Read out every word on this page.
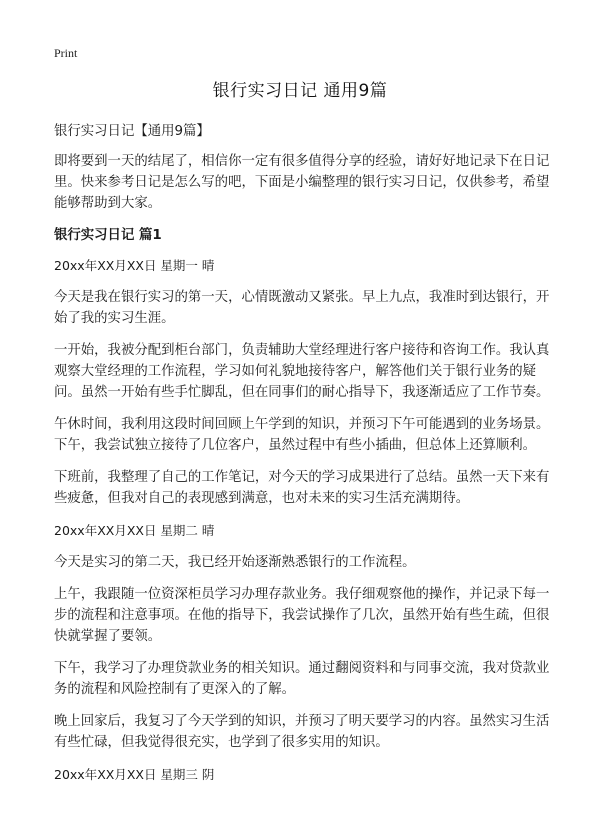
Print
银行实习日记 通用9篇

银行实习日记【通用9篇】

即将要到一天的结尾了，相信你一定有很多值得分享的经验，请好好地记录下在日记里。快来参考日记是怎么写的吧，下面是小编整理的银行实习日记，仅供参考，希望能够帮助到大家。

银行实习日记 篇1

20xx年XX月XX日 星期一 晴

今天是我在银行实习的第一天，心情既激动又紧张。早上九点，我准时到达银行，开始了我的实习生涯。

一开始，我被分配到柜台部门，负责辅助大堂经理进行客户接待和咨询工作。我认真观察大堂经理的工作流程，学习如何礼貌地接待客户，解答他们关于银行业务的疑问。虽然一开始有些手忙脚乱，但在同事们的耐心指导下，我逐渐适应了工作节奏。

午休时间，我利用这段时间回顾上午学到的知识，并预习下午可能遇到的业务场景。下午，我尝试独立接待了几位客户，虽然过程中有些小插曲，但总体上还算顺利。

下班前，我整理了自己的工作笔记，对今天的学习成果进行了总结。虽然一天下来有些疲惫，但我对自己的表现感到满意，也对未来的实习生活充满期待。

20xx年XX月XX日 星期二 晴

今天是实习的第二天，我已经开始逐渐熟悉银行的工作流程。

上午，我跟随一位资深柜员学习办理存款业务。我仔细观察他的操作，并记录下每一步的流程和注意事项。在他的指导下，我尝试操作了几次，虽然开始有些生疏，但很快就掌握了要领。

下午，我学习了办理贷款业务的相关知识。通过翻阅资料和与同事交流，我对贷款业务的流程和风险控制有了更深入的了解。

晚上回家后，我复习了今天学到的知识，并预习了明天要学习的内容。虽然实习生活有些忙碌，但我觉得很充实，也学到了很多实用的知识。

20xx年XX月XX日 星期三 阴
